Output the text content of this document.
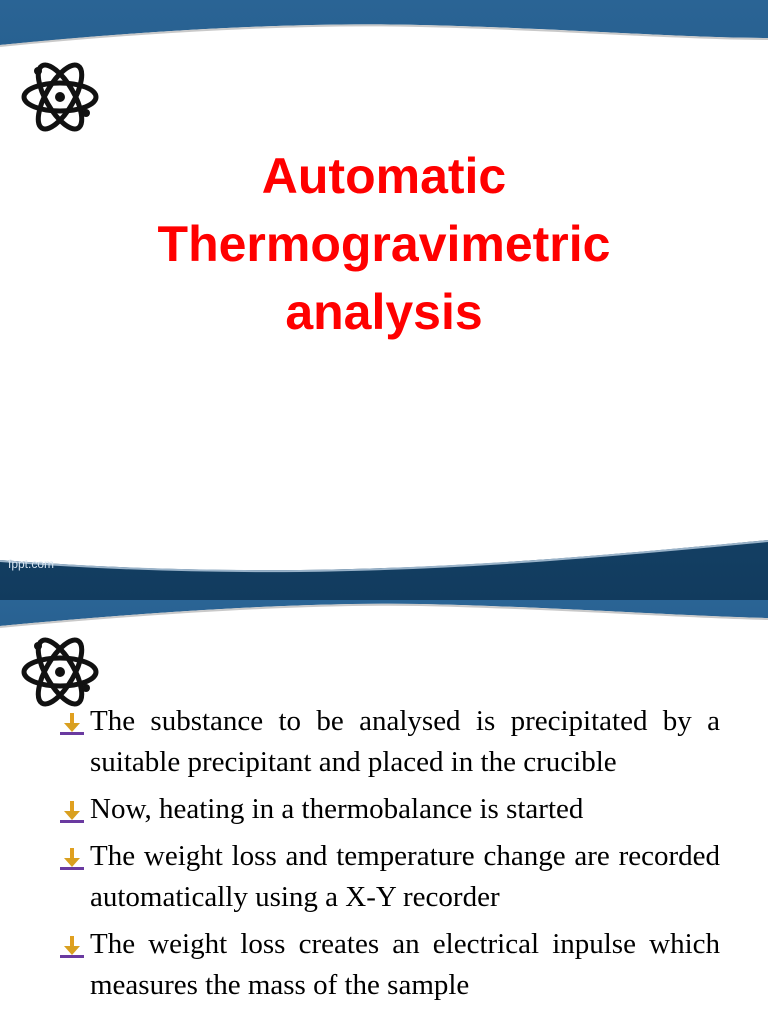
Automatic
Thermogravimetric
analysis
fppt.com
The substance to be analysed is precipitated by a suitable precipitant and placed in the crucible
Now, heating in a thermobalance is started
The weight loss and temperature change are recorded automatically using a X-Y recorder
The weight loss creates an electrical inpulse which measures the mass of the sample
